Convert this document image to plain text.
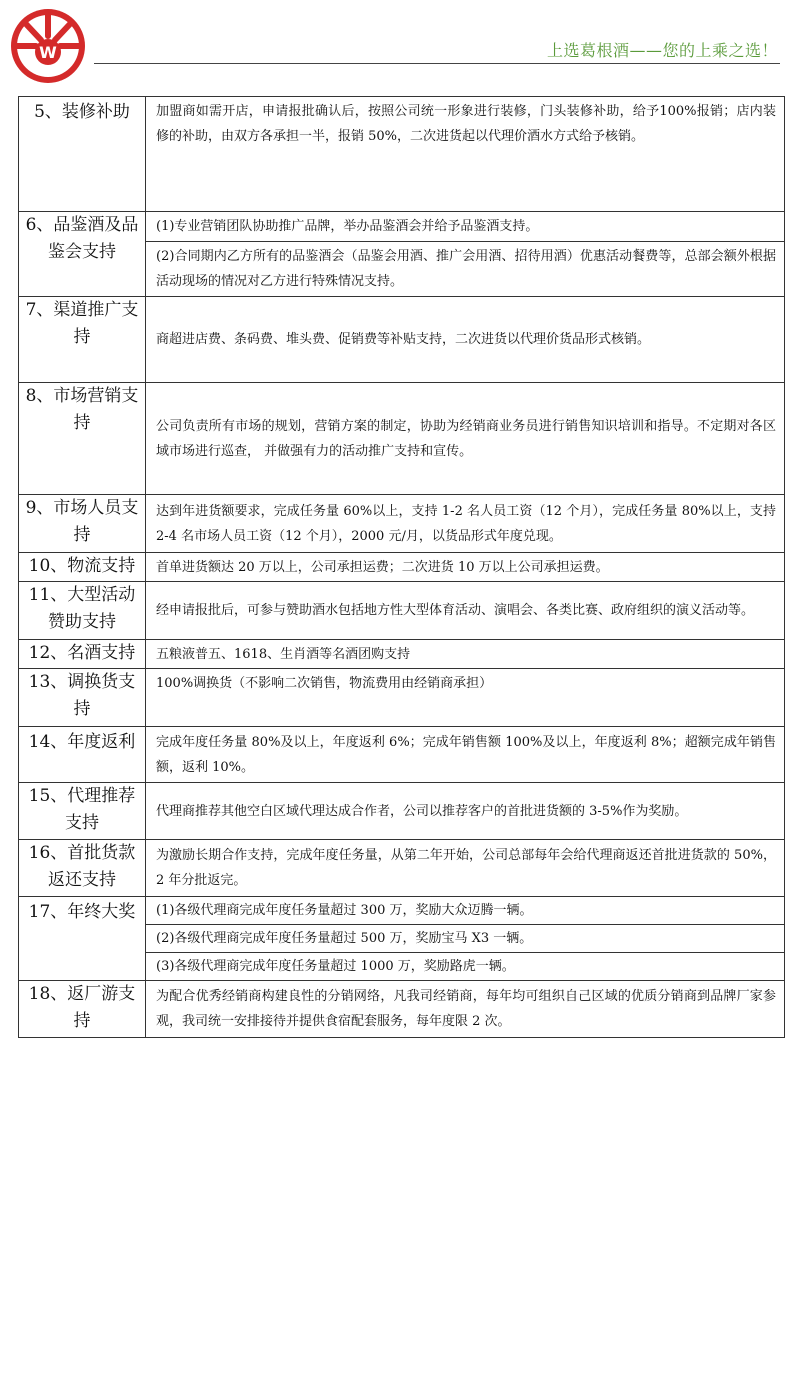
W	上选葛根酒——您的上乘之选！
5、装修补助	加盟商如需开店，申请报批确认后，按照公司统一形象进行装修，门头装修补助，给予100%报销；店内装修的补助，由双方各承担一半，报销 50%，二次进货起以代理价酒水方式给予核销。

6、品鉴酒及品鉴会支持	(1)专业营销团队协助推广品牌，举办品鉴酒会并给予品鉴酒支持。
	(2)合同期内乙方所有的品鉴酒会（品鉴会用酒、推广会用酒、招待用酒）优惠活动餐费等，总部会额外根据活动现场的情况对乙方进行特殊情况支持。
7、渠道推广支持	商超进店费、条码费、堆头费、促销费等补贴支持，二次进货以代理价货品形式核销。
8、市场营销支持	公司负责所有市场的规划，营销方案的制定，协助为经销商业务员进行销售知识培训和指导。不定期对各区域市场进行巡查， 并做强有力的活动推广支持和宣传。
9、市场人员支持	达到年进货额要求，完成任务量 60%以上，支持 1-2 名人员工资（12 个月），完成任务量 80%以上，支持 2-4 名市场人员工资（12 个月），2000 元/月，以货品形式年度兑现。
10、物流支持	首单进货额达 20 万以上，公司承担运费；二次进货 10 万以上公司承担运费。
11、大型活动赞助支持	经申请报批后，可参与赞助酒水包括地方性大型体育活动、演唱会、各类比赛、政府组织的演义活动等。
12、名酒支持	五粮液普五、1618、生肖酒等名酒团购支持
13、调换货支持	100%调换货（不影响二次销售，物流费用由经销商承担）

14、年度返利	完成年度任务量 80%及以上，年度返利 6%；完成年销售额 100%及以上，年度返利 8%；超额完成年销售额，返利 10%。
15、代理推荐支持	代理商推荐其他空白区域代理达成合作者，公司以推荐客户的首批进货额的 3-5%作为奖励。
16、首批货款返还支持	为激励长期合作支持，完成年度任务量，从第二年开始，公司总部每年会给代理商返还首批进货款的 50%，2 年分批返完。
17、年终大奖	(1)各级代理商完成年度任务量超过 300 万，奖励大众迈腾一辆。
	(2)各级代理商完成年度任务量超过 500 万，奖励宝马 X3 一辆。
	(3)各级代理商完成年度任务量超过 1000 万，奖励路虎一辆。
18、返厂游支持	为配合优秀经销商构建良性的分销网络，凡我司经销商，每年均可组织自己区域的优质分销商到品牌厂家参 观，我司统一安排接待并提供食宿配套服务，每年度限 2 次。
